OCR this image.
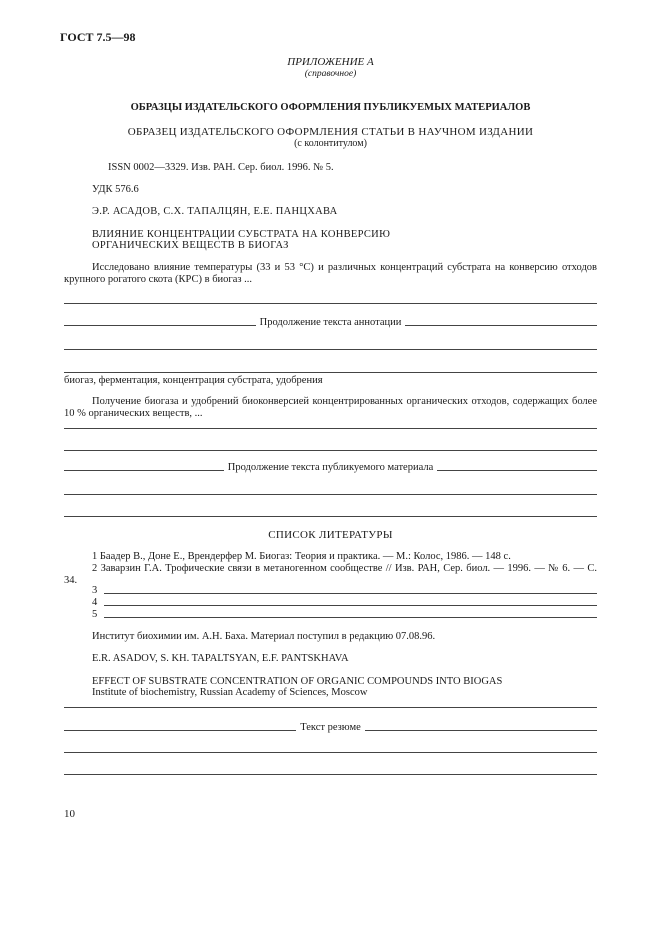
ГОСТ 7.5—98
ПРИЛОЖЕНИЕ А
(справочное)
ОБРАЗЦЫ ИЗДАТЕЛЬСКОГО ОФОРМЛЕНИЯ ПУБЛИКУЕМЫХ МАТЕРИАЛОВ
ОБРАЗЕЦ ИЗДАТЕЛЬСКОГО ОФОРМЛЕНИЯ СТАТЬИ В НАУЧНОМ ИЗДАНИИ
(с колонтитулом)
ISSN 0002—3329. Изв. РАН. Сер. биол. 1996. № 5.
УДК 576.6
Э.Р. АСАДОВ, С.Х. ТАПАЛЦЯН, Е.Е. ПАНЦХАВА
ВЛИЯНИЕ КОНЦЕНТРАЦИИ СУБСТРАТА НА КОНВЕРСИЮ
ОРГАНИЧЕСКИХ ВЕЩЕСТВ В БИОГАЗ
Исследовано влияние температуры (33 и 53 °С) и различных концентраций субстрата на конверсию отходов крупного рогатого скота (КРС) в биогаз ...
Продолжение текста аннотации
биогаз, ферментация, концентрация субстрата, удобрения
Получение биогаза и удобрений биоконверсией концентрированных органических отходов, содержащих более 10 % органических веществ, ...
Продолжение текста публикуемого материала
СПИСОК ЛИТЕРАТУРЫ
1 Баадер В., Доне Е., Врендерфер М. Биогаз: Теория и практика. — М.: Колос, 1986. — 148 с.
2 Заварзин Г.А. Трофические связи в метаногенном сообществе // Изв. РАН, Сер. биол. — 1996. — № 6. — С. 34.
3
4
5
Институт биохимии им. А.Н. Баха. Материал поступил в редакцию 07.08.96.
E.R. ASADOV, S. KH. TAPALTSYAN, E.F. PANTSKHAVA
EFFECT OF SUBSTRATE CONCENTRATION OF ORGANIC COMPOUNDS INTO BIOGAS
Institute of biochemistry, Russian Academy of Sciences, Moscow
Текст резюме
10
